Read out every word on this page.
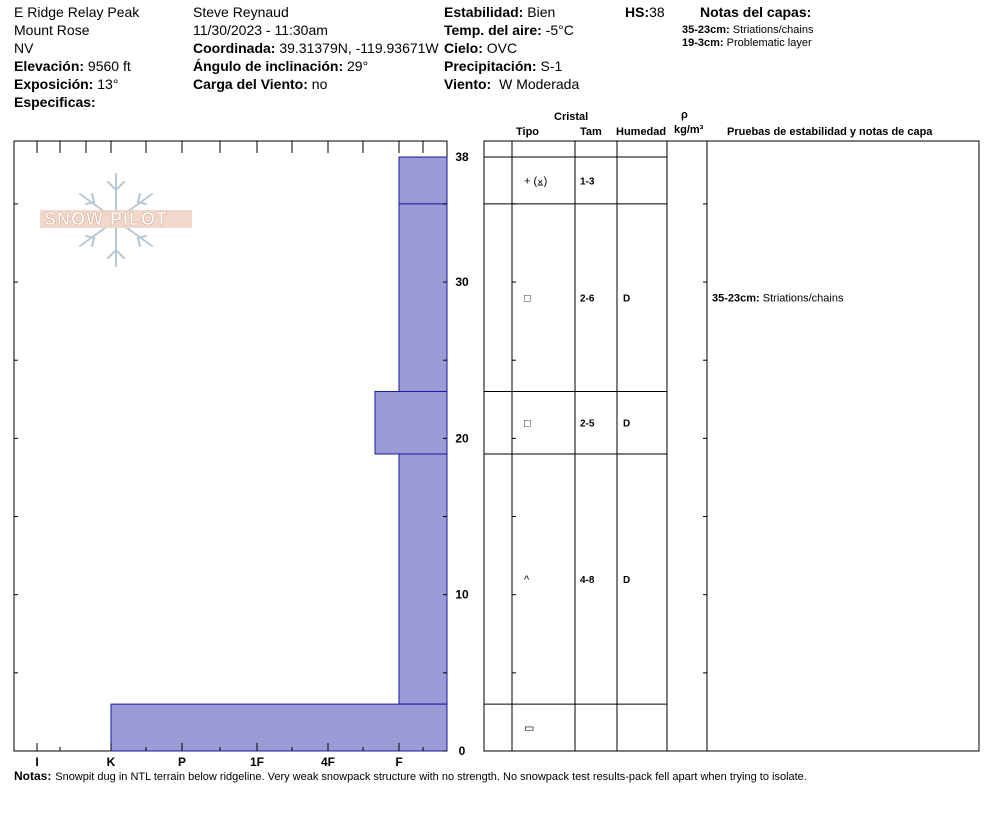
E Ridge Relay Peak
Mount Rose
NV
Elevación: 9560 ft
Exposición: 13°
Especificas:
Steve Reynaud
11/30/2023 - 11:30am
Coordinada: 39.31379N, -119.93671W
Ángulo de inclinación: 29°
Carga del Viento: no
Estabilidad: Bien
Temp. del aire: -5°C
Cielo: OVC
Precipitación: S-1
Viento: W Moderada
HS:38	Notas del capas:
35-23cm: Striations/chains
19-3cm: Problematic layer
Cristal
Tipo	Tam Humedad
ρ
kg/m³ Pruebas de estabilidad y notas de capa
SNOW PILOT
I	K	P	1F	4F	F
0
10
20
30
38
+ (⨱)	1-3
□	2-6	D	35-23cm: Striations/chains
□	2-5	D
^	4-8	D
▭
Notas: Snowpit dug in NTL terrain below ridgeline. Very weak snowpack structure with no strength. No snowpack test results-pack fell apart when trying to isolate.
